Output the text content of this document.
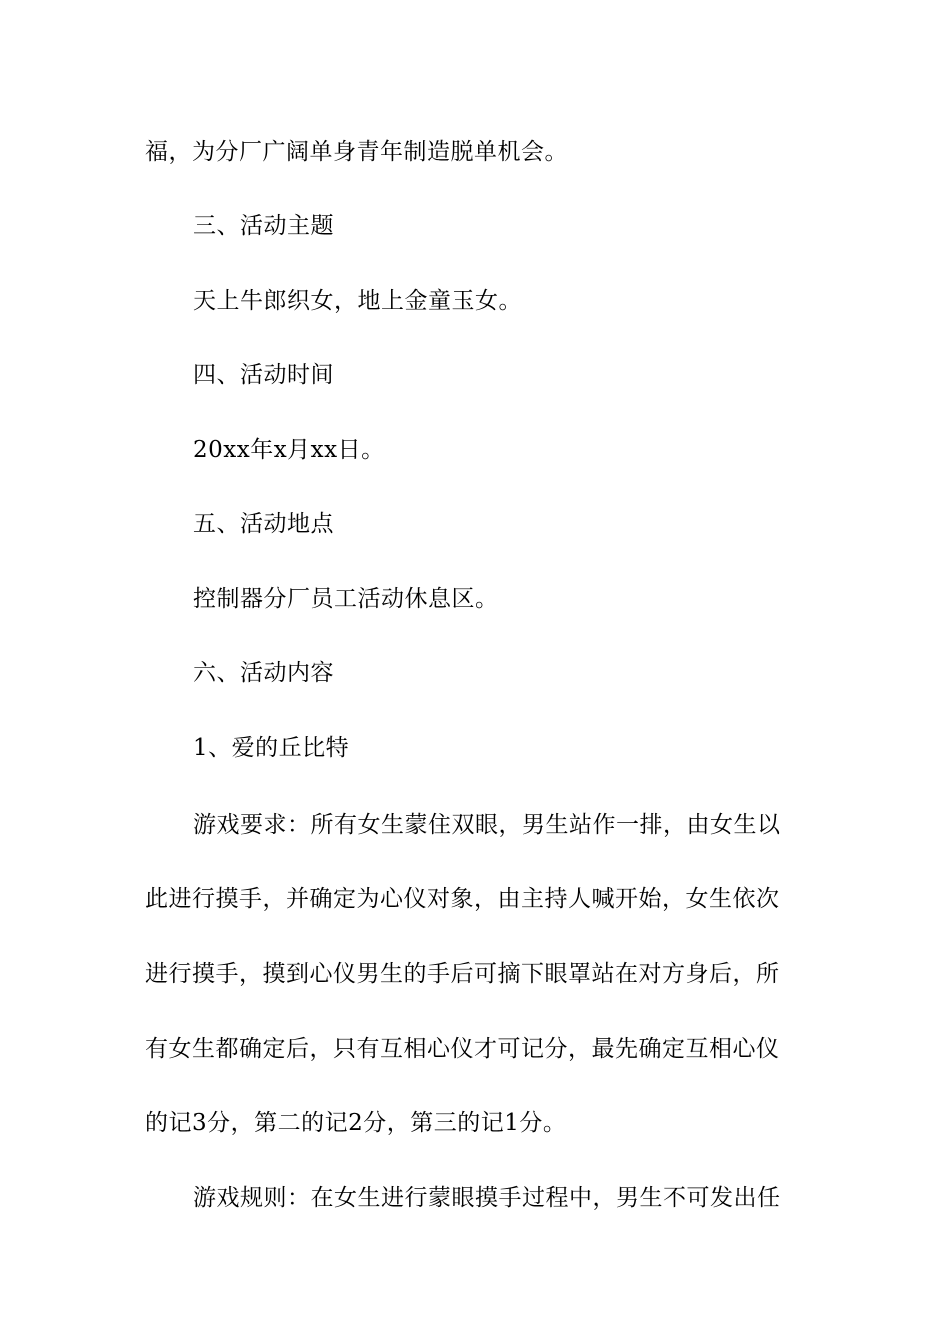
福，为分厂广阔单身青年制造脱单机会。
三、活动主题
天上牛郎织女，地上金童玉女。
四、活动时间
20xx年x月xx日。
五、活动地点
控制器分厂员工活动休息区。
六、活动内容
1、爱的丘比特
游戏要求：所有女生蒙住双眼，男生站作一排，由女生以
此进行摸手，并确定为心仪对象，由主持人喊开始，女生依次
进行摸手，摸到心仪男生的手后可摘下眼罩站在对方身后，所
有女生都确定后，只有互相心仪才可记分，最先确定互相心仪
的记3分，第二的记2分，第三的记1分。
游戏规则：在女生进行蒙眼摸手过程中，男生不可发出任
